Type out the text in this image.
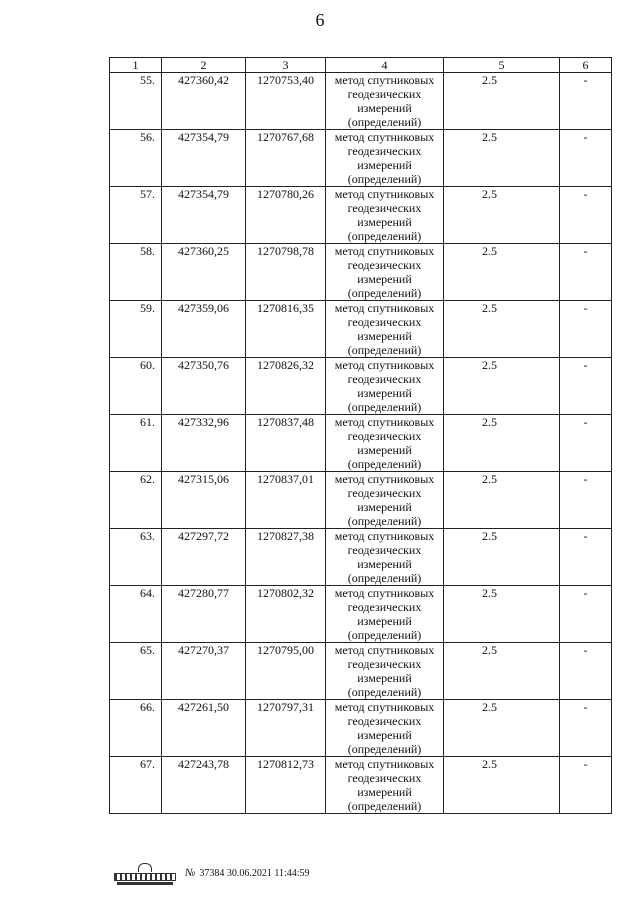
6
1	2	3	4	5	6
55.	427360,42	1270753,40	метод спутниковых геодезических измерений (определений)	2.5	-
56.	427354,79	1270767,68	метод спутниковых геодезических измерений (определений)	2.5	-
57.	427354,79	1270780,26	метод спутниковых геодезических измерений (определений)	2.5	-
58.	427360,25	1270798,78	метод спутниковых геодезических измерений (определений)	2.5	-
59.	427359,06	1270816,35	метод спутниковых геодезических измерений (определений)	2.5	-
60.	427350,76	1270826,32	метод спутниковых геодезических измерений (определений)	2.5	-
61.	427332,96	1270837,48	метод спутниковых геодезических измерений (определений)	2.5	-
62.	427315,06	1270837,01	метод спутниковых геодезических измерений (определений)	2.5	-
63.	427297,72	1270827,38	метод спутниковых геодезических измерений (определений)	2.5	-
64.	427280,77	1270802,32	метод спутниковых геодезических измерений (определений)	2.5	-
65.	427270,37	1270795,00	метод спутниковых геодезических измерений (определений)	2.5	-
66.	427261,50	1270797,31	метод спутниковых геодезических измерений (определений)	2.5	-
67.	427243,78	1270812,73	метод спутниковых геодезических измерений (определений)	2.5	-
№ 37384 30.06.2021 11:44:59
